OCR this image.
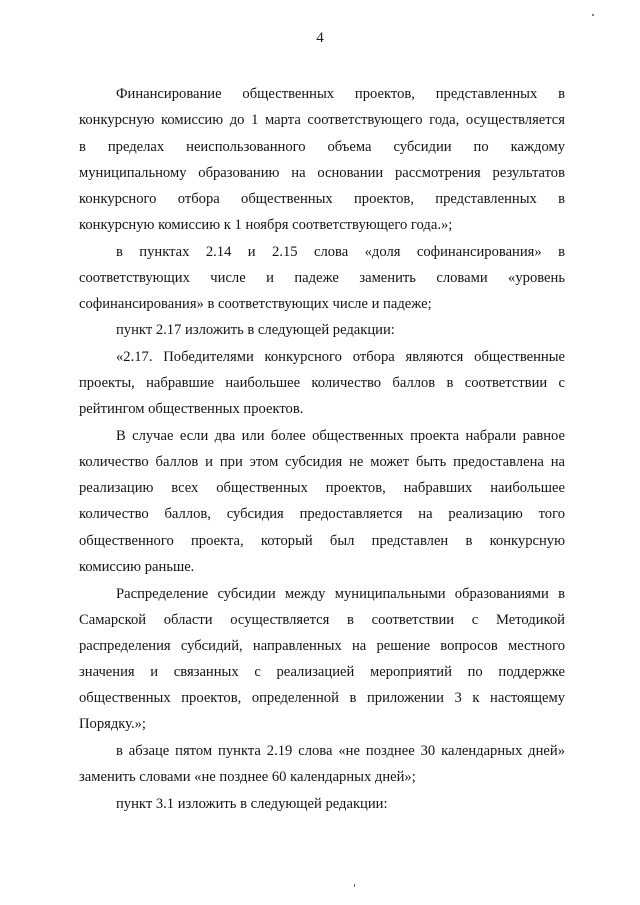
4
Финансирование общественных проектов, представленных в
конкурсную комиссию до 1 марта соответствующего года, осуществляется
в пределах неиспользованного объема субсидии по каждому
муниципальному образованию на основании рассмотрения результатов
конкурсного отбора общественных проектов, представленных в
конкурсную комиссию к 1 ноября соответствующего года.»;
в пунктах 2.14 и 2.15 слова «доля софинансирования» в
соответствующих числе и падеже заменить словами «уровень
софинансирования» в соответствующих числе и падеже;
пункт 2.17 изложить в следующей редакции:
«2.17. Победителями конкурсного отбора являются общественные
проекты, набравшие наибольшее количество баллов в соответствии с
рейтингом общественных проектов.
В случае если два или более общественных проекта набрали равное
количество баллов и при этом субсидия не может быть предоставлена на
реализацию всех общественных проектов, набравших наибольшее
количество баллов, субсидия предоставляется на реализацию того
общественного проекта, который был представлен в конкурсную
комиссию раньше.
Распределение субсидии между муниципальными образованиями в
Самарской области осуществляется в соответствии с Методикой
распределения субсидий, направленных на решение вопросов местного
значения и связанных с реализацией мероприятий по поддержке
общественных проектов, определенной в приложении 3 к настоящему
Порядку.»;
в абзаце пятом пункта 2.19 слова «не позднее 30 календарных дней»
заменить словами «не позднее 60 календарных дней»;
пункт 3.1 изложить в следующей редакции:
